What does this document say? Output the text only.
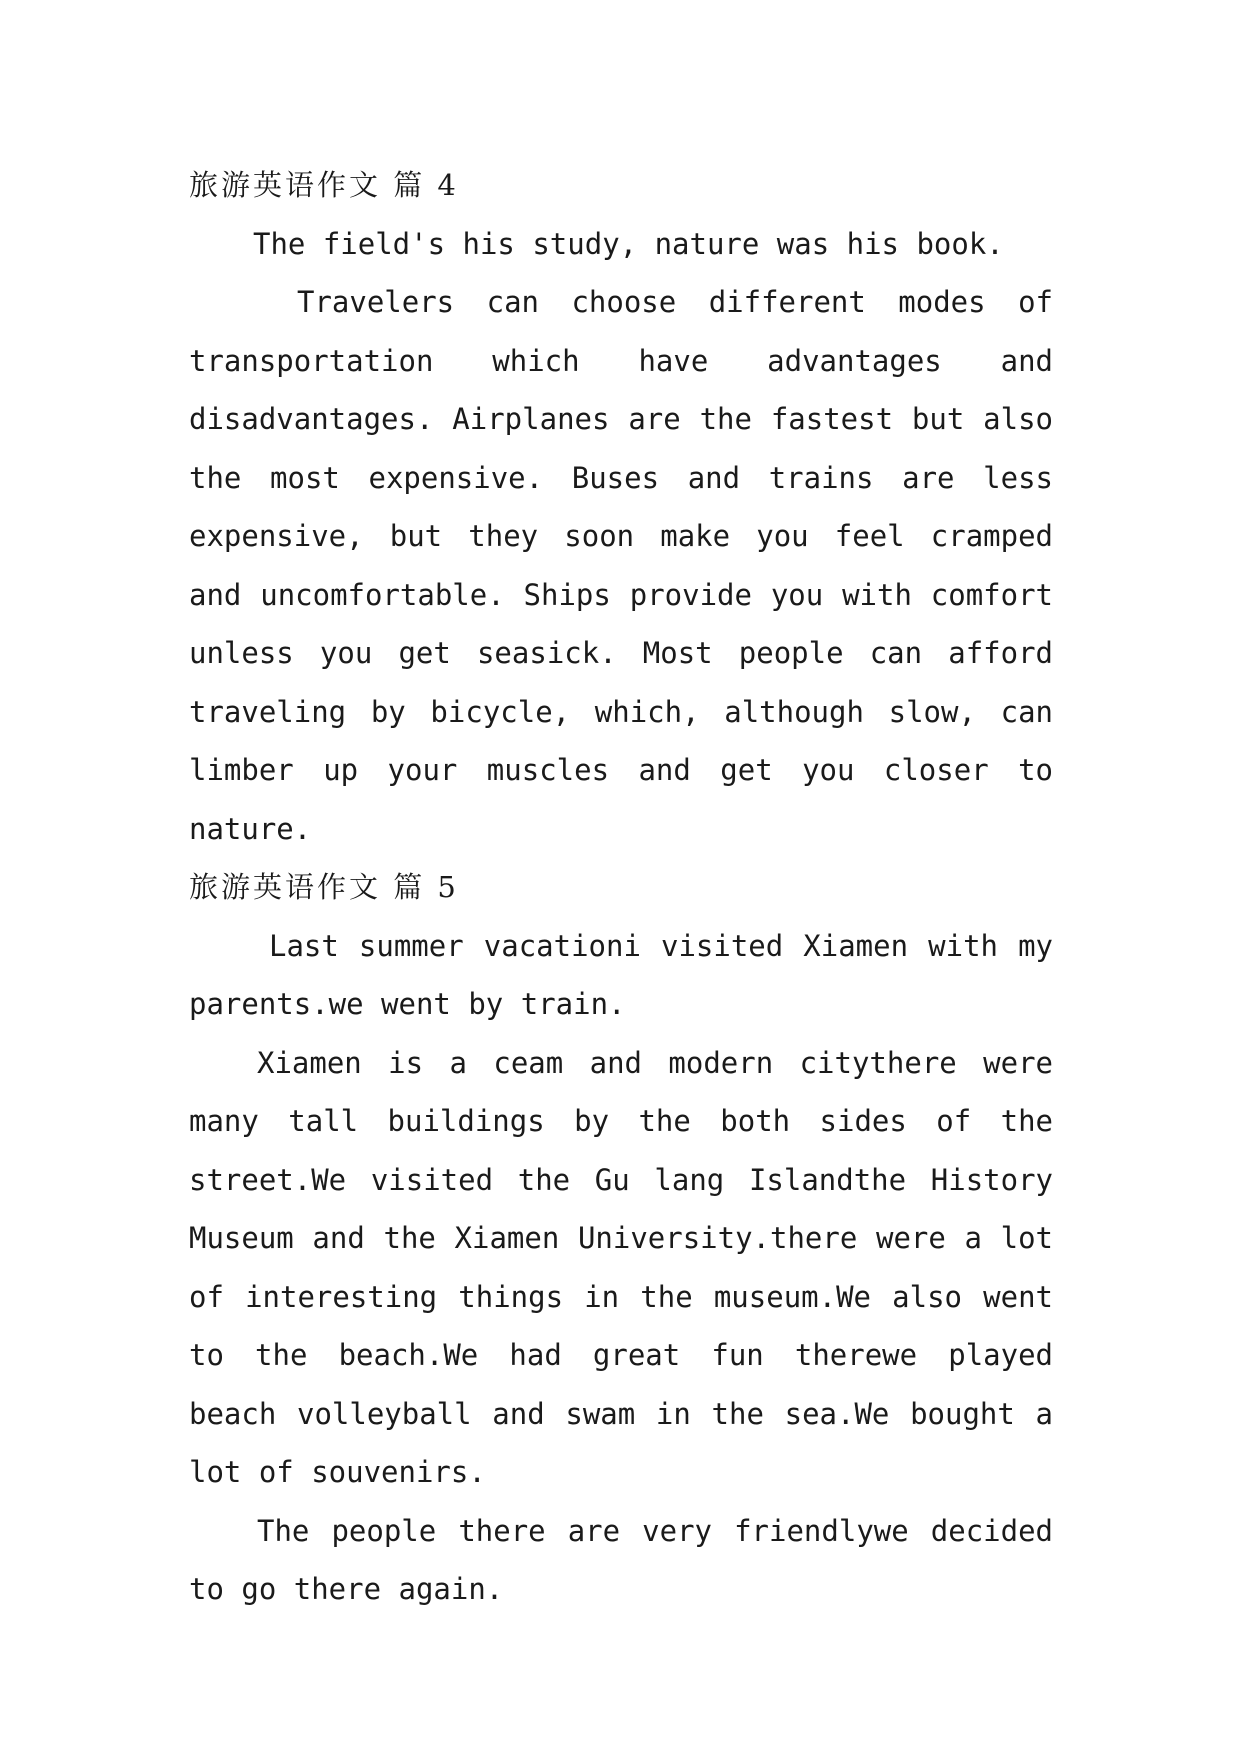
旅游英语作文 篇 4

The field's his study, nature was his book.

Travelers can choose different modes of transportation which have advantages and disadvantages. Airplanes are the fastest but also the most expensive. Buses and trains are less expensive, but they soon make you feel cramped and uncomfortable. Ships provide you with comfort unless you get seasick. Most people can afford traveling by bicycle, which, although slow, can limber up your muscles and get you closer to nature.

旅游英语作文 篇 5

Last summer vacationi visited Xiamen with my parents.we went by train.

Xiamen is a ceam and modern citythere were many tall buildings by the both sides of the street.We visited the Gu lang Islandthe History Museum and the Xiamen University.there were a lot of interesting things in the museum.We also went to the beach.We had great fun therewe played beach volleyball and swam in the sea.We bought a lot of souvenirs.

The people there are very friendlywe decided to go there again.
